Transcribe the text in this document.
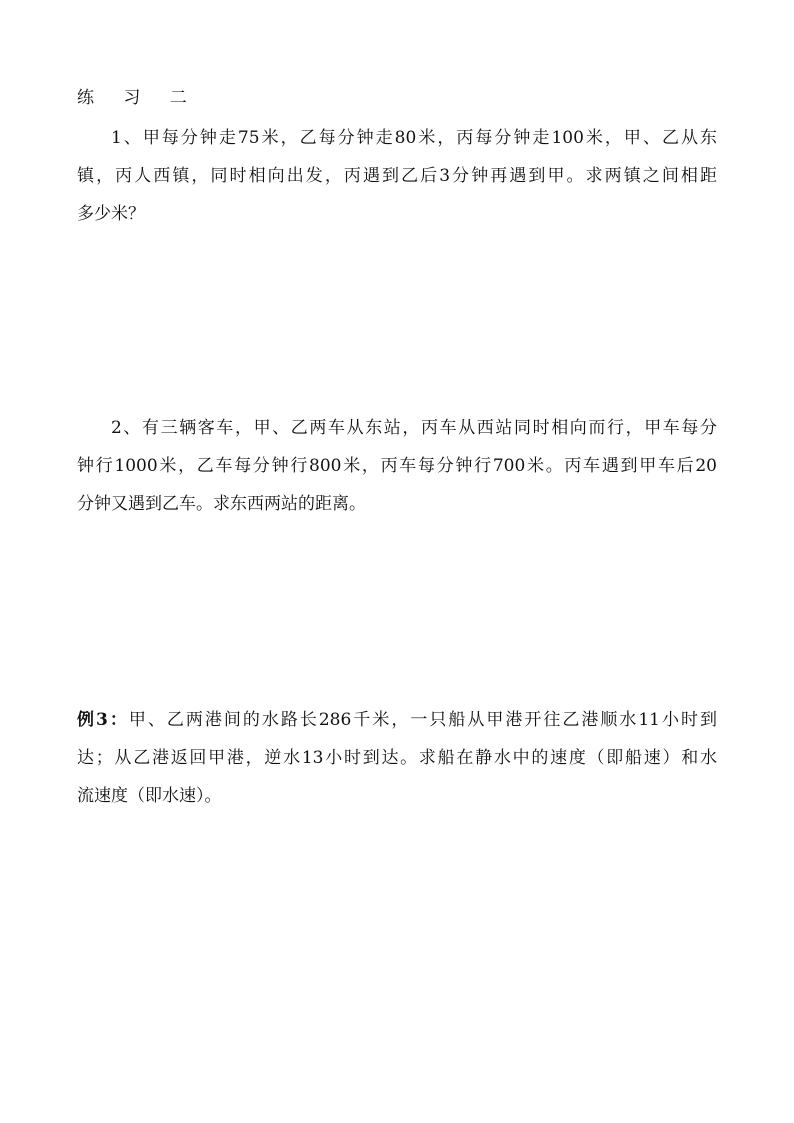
练 习 二
1、甲每分钟走75米，乙每分钟走80米，丙每分钟走100米，甲、乙从东
镇，丙人西镇，同时相向出发，丙遇到乙后3分钟再遇到甲。求两镇之间相距
多少米？
2、有三辆客车，甲、乙两车从东站，丙车从西站同时相向而行，甲车每分
钟行1000米，乙车每分钟行800米，丙车每分钟行700米。丙车遇到甲车后20
分钟又遇到乙车。求东西两站的距离。
例3：甲、乙两港间的水路长286千米，一只船从甲港开往乙港顺水11小时到
达；从乙港返回甲港，逆水13小时到达。求船在静水中的速度（即船速）和水
流速度（即水速）。
